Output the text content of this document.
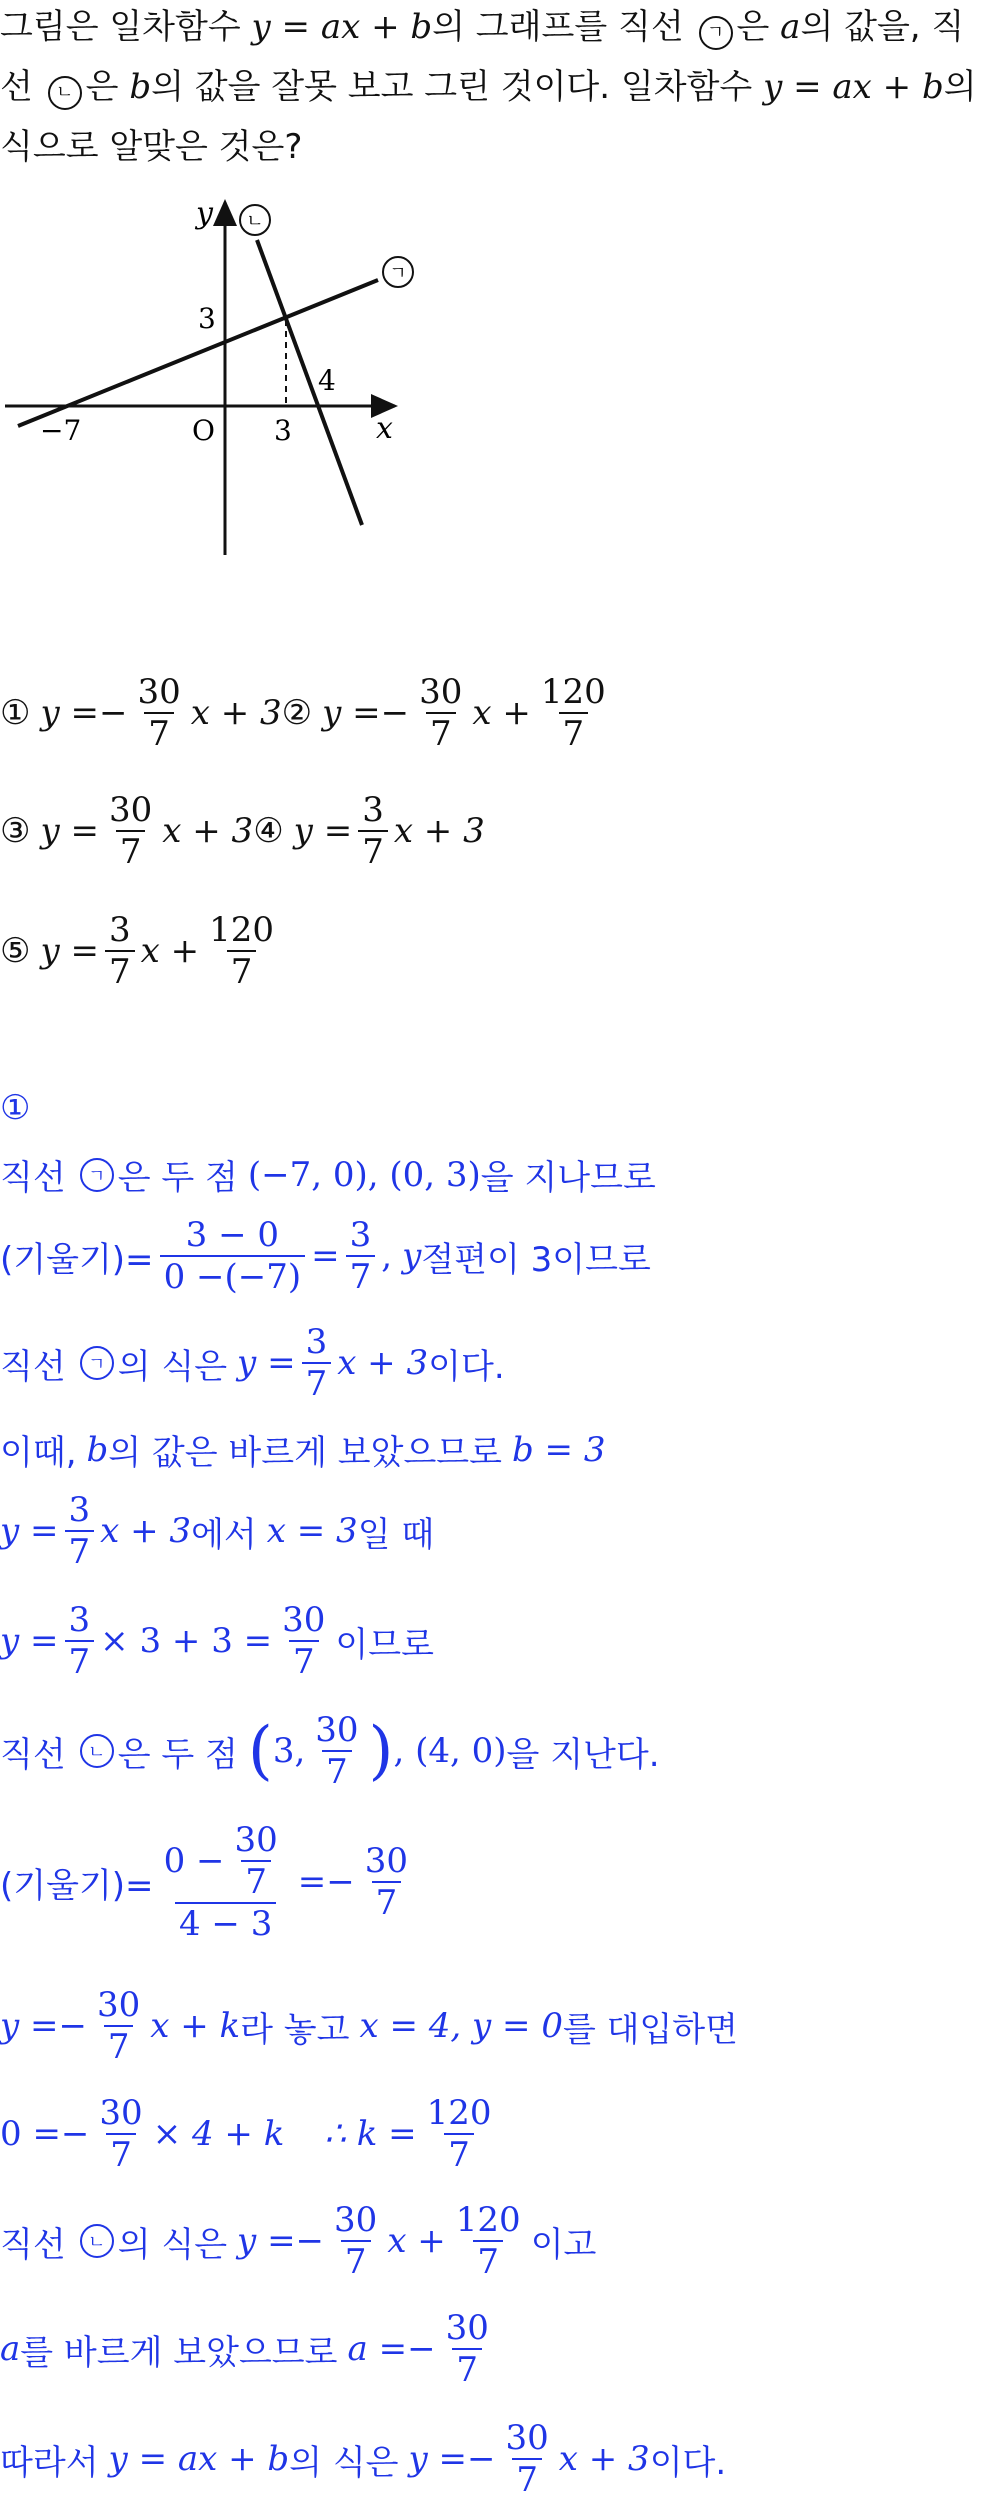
그림은 일차함수 y = ax + b의 그래프를 직선 ㄱ 은 a의 값을, 직
선 ㄴ 은 b의 값을 잘못 보고 그린 것이다. 일차함수 y = ax + b의
식으로 알맞은 것은?
y
x
O
3
3
−7
4
ㄴ
ㄱ
① $y =- \frac{30}{7}$ x + 3 ② $y =- \frac{30}{7}$ $x + \frac{120}{7}$
③ $y = \frac{30}{7}$ x + 3 ④ $y = \frac{3}{7}$ x + 3
⑤ $y = \frac{3}{7}$ $x + \frac{120}{7}$
①
직선	ㄱ 은 두 점 (−7, 0), (0, 3) 을 지나므로
(기울기)= $\frac{3 - 0}{0 -(-7)} = \frac{3}{7}$ , y 절편이 3이므로
직선	ㄱ 의 식은 $y = \frac{3}{7}$ x + 3 이다.
이때, b 의 값은 바르게 보았으므로 b = 3
$y = \frac{3}{7}$ x + 3 에서 x = 3 일 때
$y = \frac{3}{7} \times 3 + 3 = \frac{30}{7}$ 이므로
직선	ㄴ 은 두 점 ( 3, $\frac{30}{7}$ ) , (4, 0) 을 지난다.
(기울기)= $\frac{0 - \frac{30}{7}}{4 - 3} =- \frac{30}{7}$
$y =- \frac{30}{7}$ x + k 라 놓고 x = 4, y = 0 를 대입하면
$0 =- \frac{30}{7} \times 4 + k$ ∴ $k = \frac{120}{7}$
직선	ㄴ 의 식은 $y =- \frac{30}{7}$ $x + \frac{120}{7}$ 이고
a 를 바르게 보았으므로 $a =- \frac{30}{7}$
따라서 y = ax + b 의 식은 $y =- \frac{30}{7}$ x + 3 이다.
